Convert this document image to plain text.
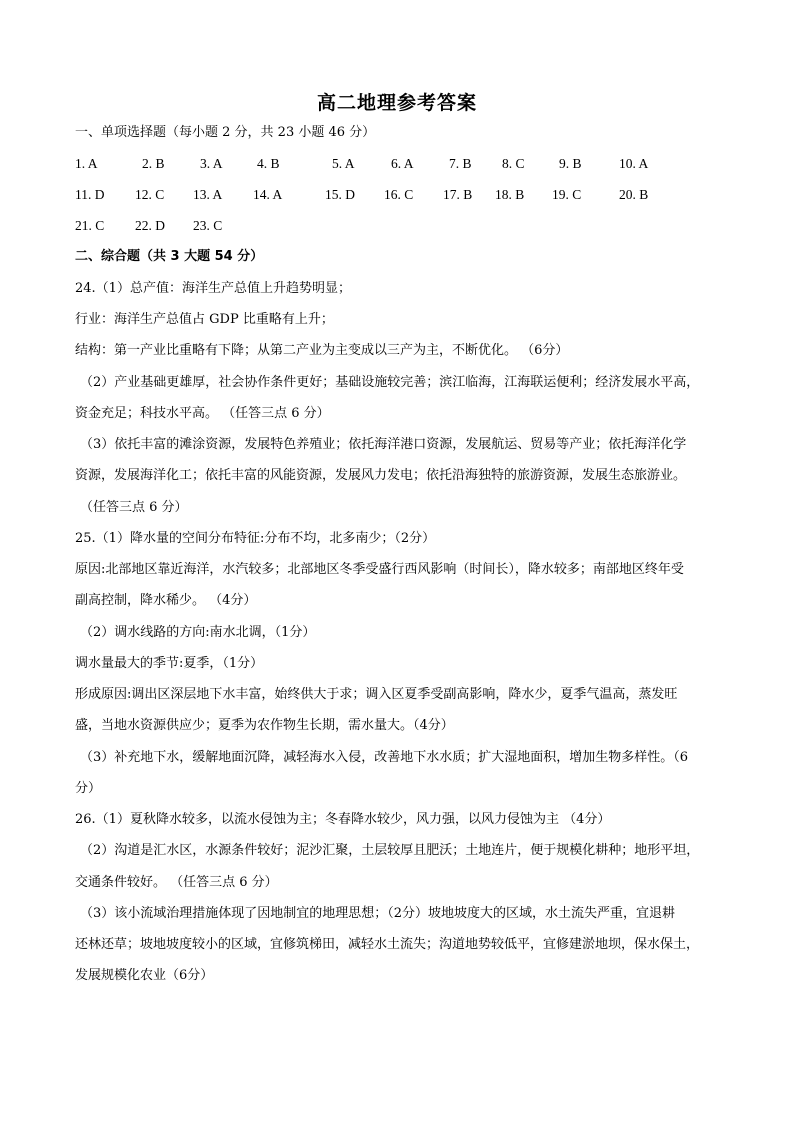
高二地理参考答案
一、单项选择题（每小题 2 分，共 23 小题 46 分）
1. A	2. B	3. A	4. B	5. A	6. A	7. B 8. C	9. B	10. A
11. D 12. C 13. A 14. A	15. D 16. C 17. B 18. B 19. C	20. B
21. C 22. D 23. C
二、综合题（共 3 大题 54 分）
24.（1）总产值：海洋生产总值上升趋势明显；
行业：海洋生产总值占 GDP 比重略有上升；
结构：第一产业比重略有下降；从第二产业为主变成以三产为主，不断优化。 （6分）
（2）产业基础更雄厚，社会协作条件更好；基础设施较完善；滨江临海，江海联运便利；经济发展水平高，
资金充足；科技水平高。 （任答三点 6 分）
（3）依托丰富的滩涂资源，发展特色养殖业；依托海洋港口资源，发展航运、贸易等产业；依托海洋化学
资源，发展海洋化工；依托丰富的风能资源，发展风力发电；依托沿海独特的旅游资源，发展生态旅游业。
（任答三点 6 分）
25.（1）降水量的空间分布特征:分布不均，北多南少；（2分）
原因:北部地区靠近海洋，水汽较多；北部地区冬季受盛行西风影响（时间长），降水较多；南部地区终年受
副高控制，降水稀少。 （4分）
（2）调水线路的方向:南水北调，（1分）
调水量最大的季节:夏季，（1分）
形成原因:调出区深层地下水丰富，始终供大于求；调入区夏季受副高影响，降水少，夏季气温高，蒸发旺
盛，当地水资源供应少；夏季为农作物生长期，需水量大。（4分）
（3）补充地下水，缓解地面沉降，减轻海水入侵，改善地下水水质；扩大湿地面积，增加生物多样性。（6
分）
26.（1）夏秋降水较多，以流水侵蚀为主；冬春降水较少，风力强，以风力侵蚀为主 （4分）
（2）沟道是汇水区，水源条件较好；泥沙汇聚，土层较厚且肥沃；土地连片，便于规模化耕种；地形平坦，
交通条件较好。 （任答三点 6 分）
（3）该小流域治理措施体现了因地制宜的地理思想；（2分）坡地坡度大的区域，水土流失严重，宜退耕
还林还草；坡地坡度较小的区域，宜修筑梯田，减轻水土流失；沟道地势较低平，宜修建淤地坝，保水保土，
发展规模化农业（6分）
